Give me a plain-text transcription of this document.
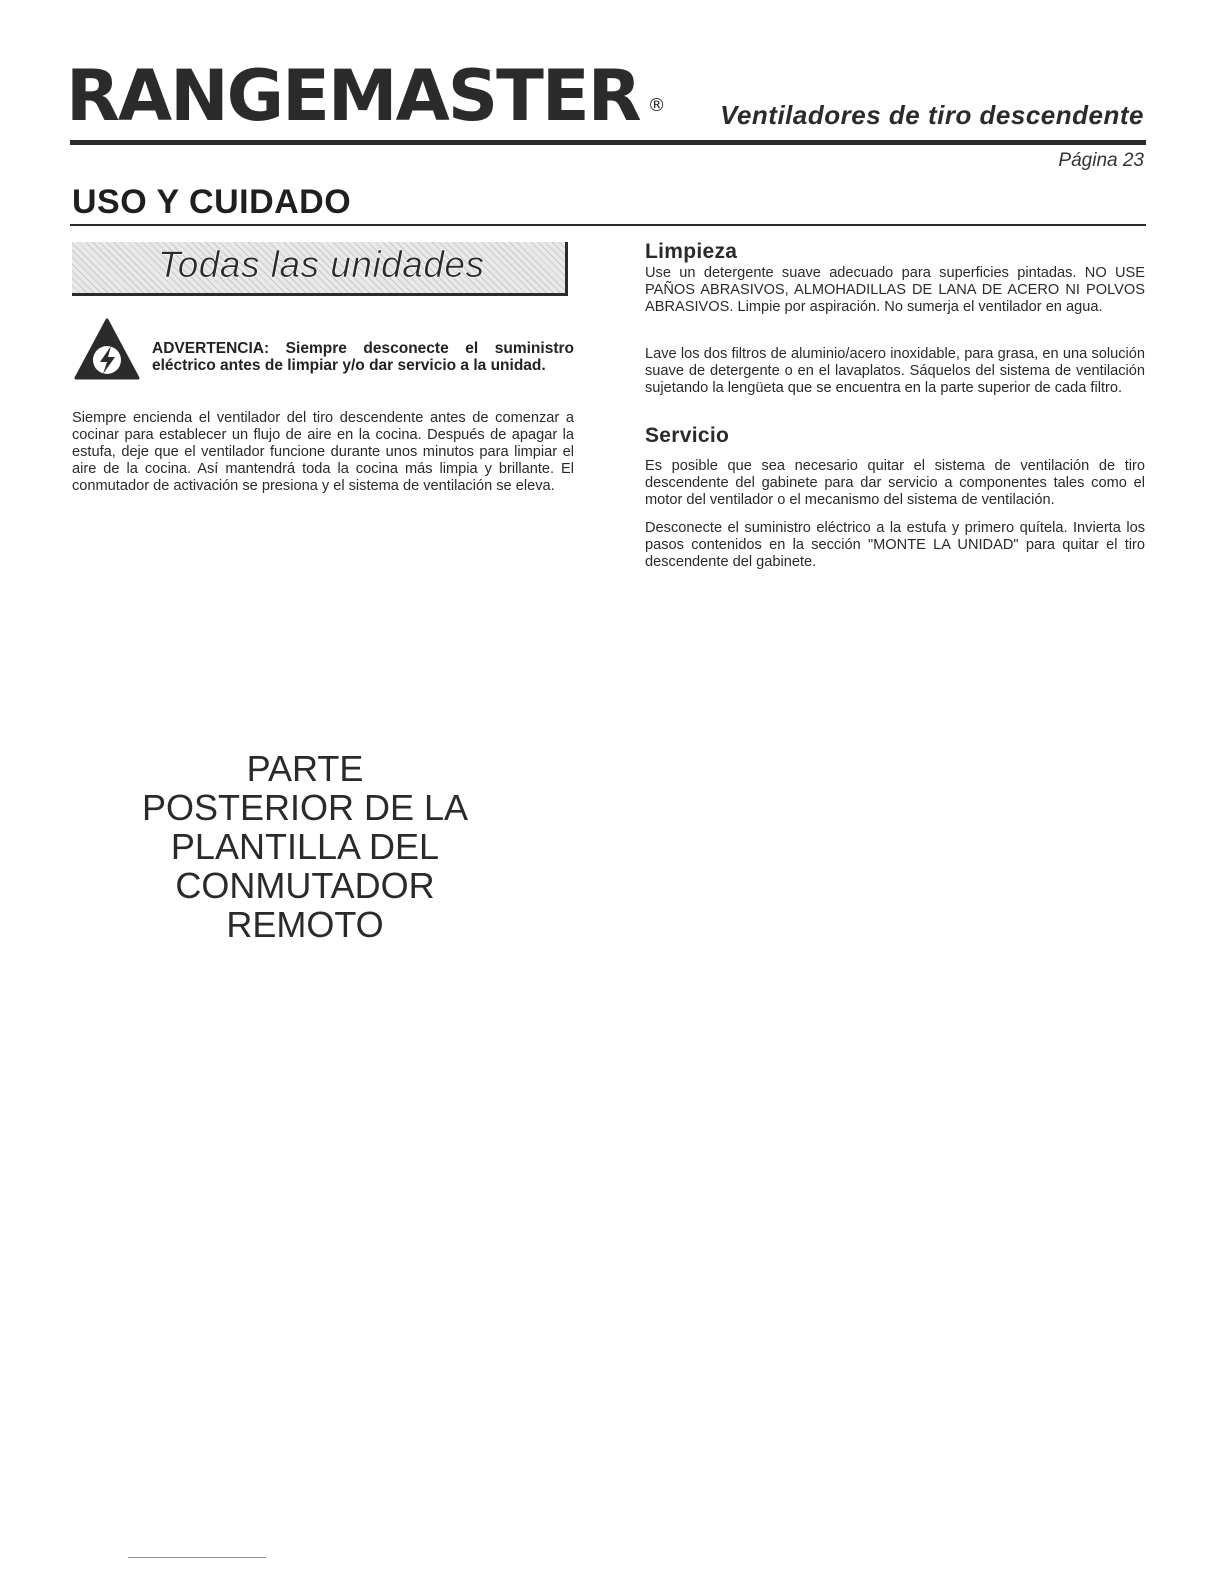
RANGEMASTER ® Ventiladores de tiro descendente
Página 23
USO Y CUIDADO
Todas las unidades
ADVERTENCIA: Siempre desconecte el suministro eléctrico antes de limpiar y/o dar servicio a la unidad.

Siempre encienda el ventilador del tiro descendente antes de comenzar a cocinar para establecer un flujo de aire en la cocina. Después de apagar la estufa, deje que el ventilador funcione durante unos minutos para limpiar el aire de la cocina. Así mantendrá toda la cocina más limpia y brillante. El conmutador de activación se presiona y el sistema de ventilación se eleva.

PARTE
POSTERIOR DE LA
PLANTILLA DEL
CONMUTADOR
REMOTO
Limpieza

Use un detergente suave adecuado para superficies pintadas. NO USE PAÑOS ABRASIVOS, ALMOHADILLAS DE LANA DE ACERO NI POLVOS ABRASIVOS. Limpie por aspiración. No sumerja el ventilador en agua.

Lave los dos filtros de aluminio/acero inoxidable, para grasa, en una solución suave de detergente o en el lavaplatos. Sáquelos del sistema de ventilación sujetando la lengüeta que se encuentra en la parte superior de cada filtro.

Servicio

Es posible que sea necesario quitar el sistema de ventilación de tiro descendente del gabinete para dar servicio a componentes tales como el motor del ventilador o el mecanismo del sistema de ventilación.

Desconecte el suministro eléctrico a la estufa y primero quítela. Invierta los pasos contenidos en la sección "MONTE LA UNIDAD" para quitar el tiro descendente del gabinete.
